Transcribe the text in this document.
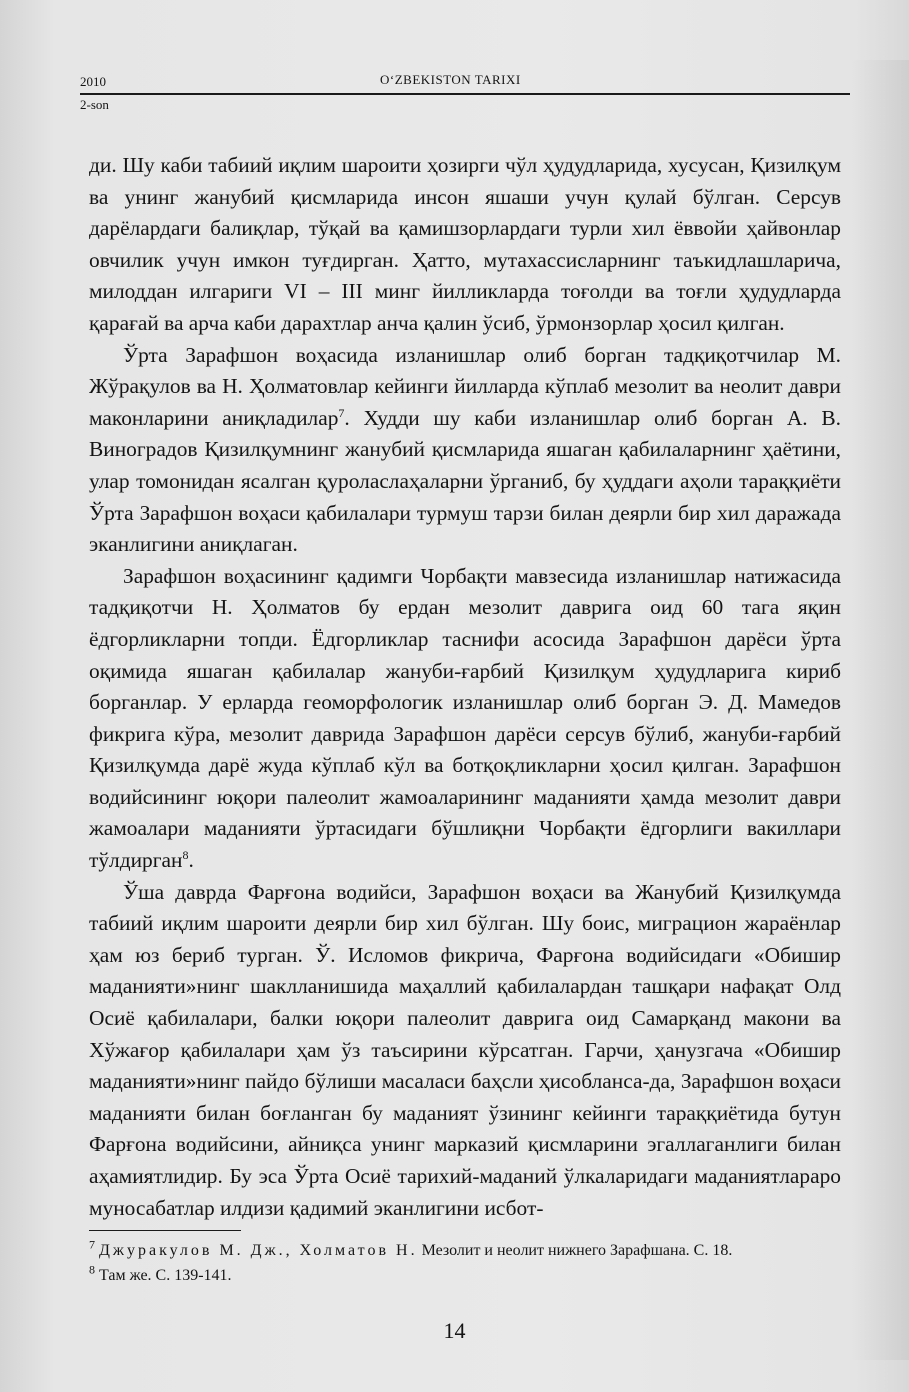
2010	O‘ZBEKISTON TARIXI
2-son

ди. Шу каби табиий иқлим шароити ҳозирги чўл ҳудудларида, хусусан, Қизилқум ва унинг жанубий қисмларида инсон яшаши учун қулай бўлган. Серсув дарёлардаги балиқлар, тўқай ва қамишзорлардаги турли хил ёввойи ҳайвонлар овчилик учун имкон туғдирган. Ҳатто, мутахассисларнинг таъкидлашларича, милоддан илгариги VI – III минг йилликларда тоғолди ва тоғли ҳудудларда қарағай ва арча каби дарахтлар анча қалин ўсиб, ўрмонзорлар ҳосил қилган.

Ўрта Зарафшон воҳасида изланишлар олиб борган тадқиқотчилар М. Жўрақулов ва Н. Ҳолматовлар кейинги йилларда кўплаб мезолит ва неолит даври маконларини аниқладилар$^7$. Худди шу каби изланишлар олиб борган А. В. Виноградов Қизилқумнинг жанубий қисмларида яшаган қабилаларнинг ҳаётини, улар томонидан ясалган қуроласлаҳаларни ўрганиб, бу ҳуддаги аҳоли тараққиёти Ўрта Зарафшон воҳаси қабилалари турмуш тарзи билан деярли бир хил даражада эканлигини аниқлаган.

Зарафшон воҳасининг қадимги Чорбақти мавзесида изланишлар натижасида тадқиқотчи Н. Ҳолматов бу ердан мезолит даврига оид 60 тага яқин ёдгорликларни топди. Ёдгорликлар таснифи асосида Зарафшон дарёси ўрта оқимида яшаган қабилалар жануби-ғарбий Қизилқум ҳудудларига кириб борганлар. У ерларда геоморфологик изланишлар олиб борган Э. Д. Мамедов фикрига кўра, мезолит даврида Зарафшон дарёси серсув бўлиб, жануби-ғарбий Қизилқумда дарё жуда кўплаб кўл ва ботқоқликларни ҳосил қилган. Зарафшон водийсининг юқори палеолит жамоаларининг маданияти ҳамда мезолит даври жамоалари маданияти ўртасидаги бўшлиқни Чорбақти ёдгорлиги вакиллари тўлдирган$^8$.

Ўша даврда Фарғона водийси, Зарафшон воҳаси ва Жанубий Қизилқумда табиий иқлим шароити деярли бир хил бўлган. Шу боис, миграцион жараёнлар ҳам юз бериб турган. Ў. Исломов фикрича, Фарғона водийсидаги «Обишир маданияти»нинг шаклланишида маҳаллий қабилалардан ташқари нафақат Олд Осиё қабилалари, балки юқори палеолит даврига оид Самарқанд макони ва Хўжағор қабилалари ҳам ўз таъсирини кўрсатган. Гарчи, ҳанузгача «Обишир маданияти»нинг пайдо бўлиши масаласи баҳсли ҳисобланса-да, Зарафшон воҳаси маданияти билан боғланган бу маданият ўзининг кейинги тараққиётида бутун Фарғона водийсини, айниқса унинг марказий қисмларини эгаллаганлиги билан аҳамиятлидир. Бу эса Ўрта Осиё тарихий-маданий ўлкаларидаги маданиятлараро муносабатлар илдизи қадимий эканлигини исбот-

$^7$ Джуракулов М. Дж., Холматов Н. Мезолит и неолит нижнего Зарафшана. С. 18.

$^8$ Там же. С. 139-141.

14
